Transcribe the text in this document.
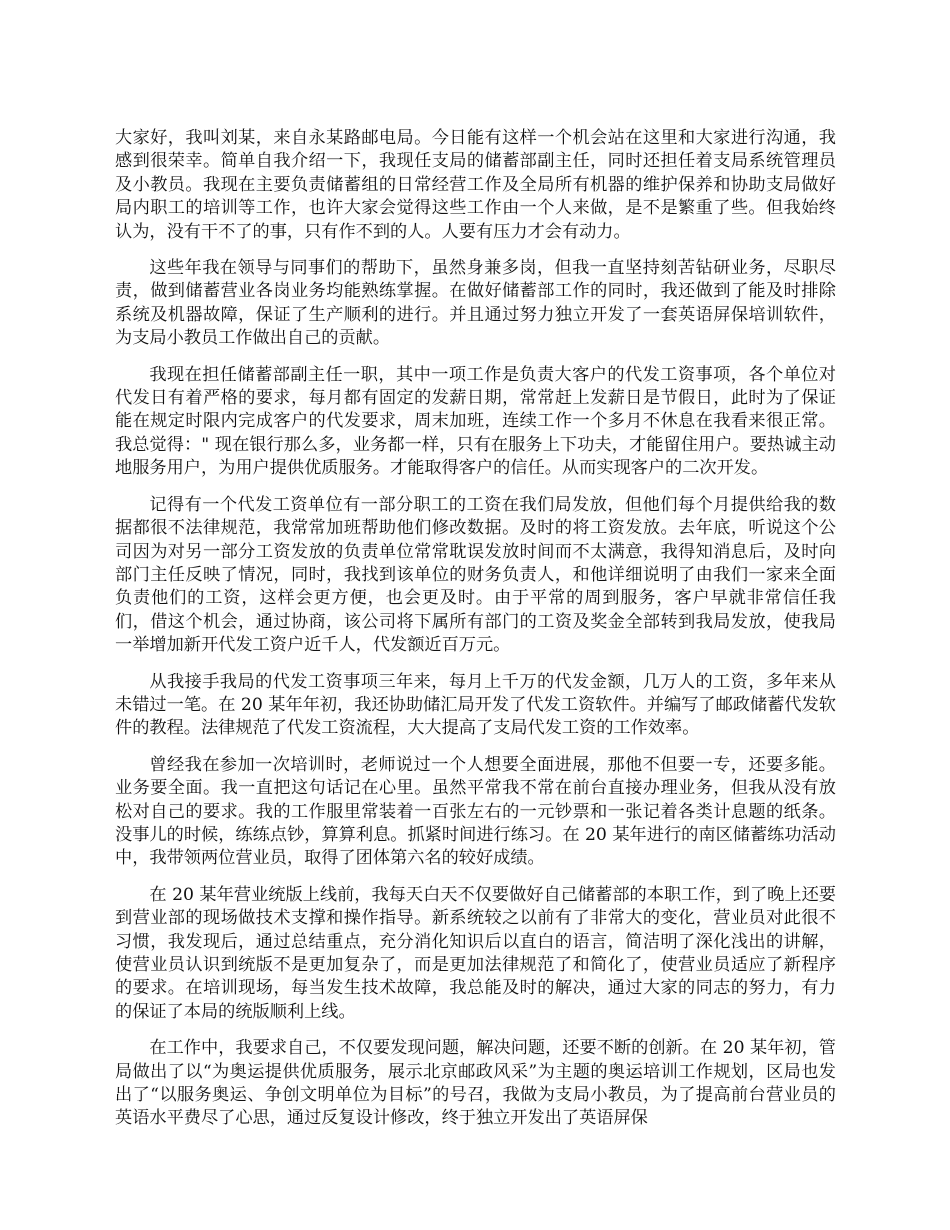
大家好，我叫刘某，来自永某路邮电局。今日能有这样一个机会站在这里和大家进行沟通，我感到很荣幸。简单自我介绍一下，我现任支局的储蓄部副主任，同时还担任着支局系统管理员及小教员。我现在主要负责储蓄组的日常经营工作及全局所有机器的维护保养和协助支局做好局内职工的培训等工作，也许大家会觉得这些工作由一个人来做，是不是繁重了些。但我始终认为，没有干不了的事，只有作不到的人。人要有压力才会有动力。

这些年我在领导与同事们的帮助下，虽然身兼多岗，但我一直坚持刻苦钻研业务，尽职尽责，做到储蓄营业各岗业务均能熟练掌握。在做好储蓄部工作的同时，我还做到了能及时排除系统及机器故障，保证了生产顺利的进行。并且通过努力独立开发了一套英语屏保培训软件，为支局小教员工作做出自己的贡献。

我现在担任储蓄部副主任一职，其中一项工作是负责大客户的代发工资事项，各个单位对代发日有着严格的要求，每月都有固定的发薪日期，常常赶上发薪日是节假日，此时为了保证能在规定时限内完成客户的代发要求，周末加班，连续工作一个多月不休息在我看来很正常。我总觉得：" 现在银行那么多，业务都一样，只有在服务上下功夫，才能留住用户。要热诚主动地服务用户，为用户提供优质服务。才能取得客户的信任。从而实现客户的二次开发。

记得有一个代发工资单位有一部分职工的工资在我们局发放，但他们每个月提供给我的数据都很不法律规范，我常常加班帮助他们修改数据。及时的将工资发放。去年底，听说这个公司因为对另一部分工资发放的负责单位常常耽误发放时间而不太满意，我得知消息后，及时向部门主任反映了情况，同时，我找到该单位的财务负责人，和他详细说明了由我们一家来全面负责他们的工资，这样会更方便，也会更及时。由于平常的周到服务，客户早就非常信任我们，借这个机会，通过协商，该公司将下属所有部门的工资及奖金全部转到我局发放，使我局一举增加新开代发工资户近千人，代发额近百万元。

从我接手我局的代发工资事项三年来，每月上千万的代发金额，几万人的工资，多年来从未错过一笔。在 20 某年年初，我还协助储汇局开发了代发工资软件。并编写了邮政储蓄代发软件的教程。法律规范了代发工资流程，大大提高了支局代发工资的工作效率。

曾经我在参加一次培训时，老师说过一个人想要全面进展，那他不但要一专，还要多能。业务要全面。我一直把这句话记在心里。虽然平常我不常在前台直接办理业务，但我从没有放松对自己的要求。我的工作服里常装着一百张左右的一元钞票和一张记着各类计息题的纸条。没事儿的时候，练练点钞，算算利息。抓紧时间进行练习。在 20 某年进行的南区储蓄练功活动中，我带领两位营业员，取得了团体第六名的较好成绩。

在 20 某年营业统版上线前，我每天白天不仅要做好自己储蓄部的本职工作，到了晚上还要到营业部的现场做技术支撑和操作指导。新系统较之以前有了非常大的变化，营业员对此很不习惯，我发现后，通过总结重点，充分消化知识后以直白的语言，简洁明了深化浅出的讲解，使营业员认识到统版不是更加复杂了，而是更加法律规范了和简化了，使营业员适应了新程序的要求。在培训现场，每当发生技术故障，我总能及时的解决，通过大家的同志的努力，有力的保证了本局的统版顺利上线。

在工作中，我要求自己，不仅要发现问题，解决问题，还要不断的创新。在 20 某年初，管局做出了以“为奥运提供优质服务，展示北京邮政风采”为主题的奥运培训工作规划，区局也发出了“以服务奥运、争创文明单位为目标”的号召，我做为支局小教员，为了提高前台营业员的英语水平费尽了心思，通过反复设计修改，终于独立开发出了英语屏保
